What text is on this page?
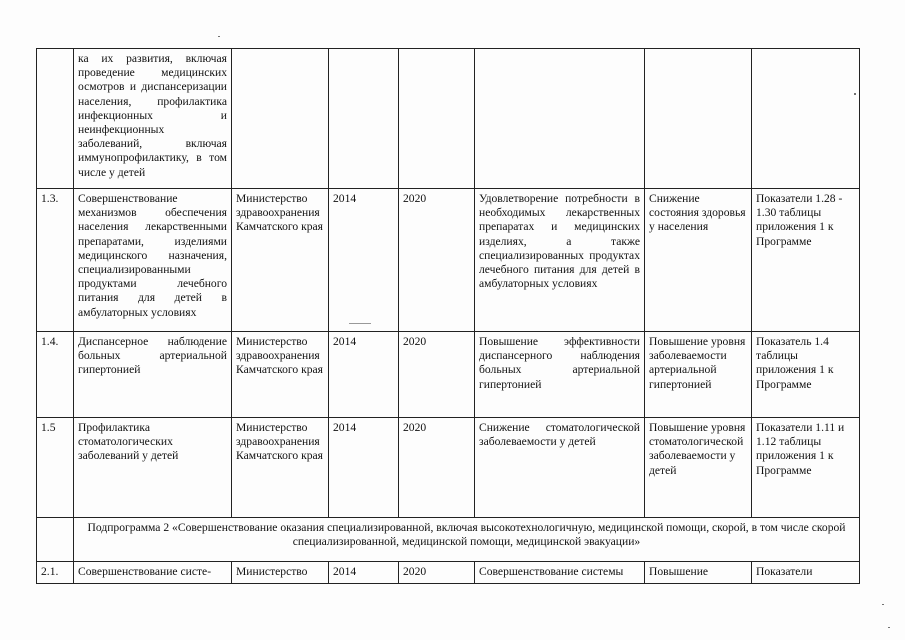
	ка их развития, включая проведение медицинских осмотров и диспансеризации населения, профилактика инфекционных и неинфекционных заболеваний, включая иммунопрофилактику, в том числе у детей						
1.3.	Совершенствование механизмов обеспечения населения лекарственными препаратами, изделиями медицинского назначения, специализированными продуктами лечебного питания для детей в амбулаторных условиях	Министерство здравоохранения Камчатского края	2014	2020	Удовлетворение потребности в необходимых лекарственных препаратах и медицинских изделиях, а также специализированных продуктах лечебного питания для детей в амбулаторных условиях	Снижение состояния здоровья у населения	Показатели 1.28 - 1.30 таблицы приложения 1 к Программе
1.4.	Диспансерное наблюдение больных артериальной гипертонией	Министерство здравоохранения Камчатского края	2014	2020	Повышение эффективности диспансерного наблюдения больных артериальной гипертонией	Повышение уровня заболеваемости артериальной гипертонией	Показатель 1.4 таблицы приложения 1 к Программе
1.5	Профилактика стоматологических заболеваний у детей	Министерство здравоохранения Камчатского края	2014	2020	Снижение стоматологической заболеваемости у детей	Повышение уровня стоматологической заболеваемости у детей	Показатели 1.11 и 1.12 таблицы приложения 1 к Программе
	Подпрограмма 2 «Совершенствование оказания специализированной, включая высокотехнологичную, медицинской помощи, скорой, в том числе скорой специализированной, медицинской помощи, медицинской эвакуации»						
2.1.	Совершенствование систе-	Министерство	2014	2020	Совершенствование системы	Повышение	Показатели
